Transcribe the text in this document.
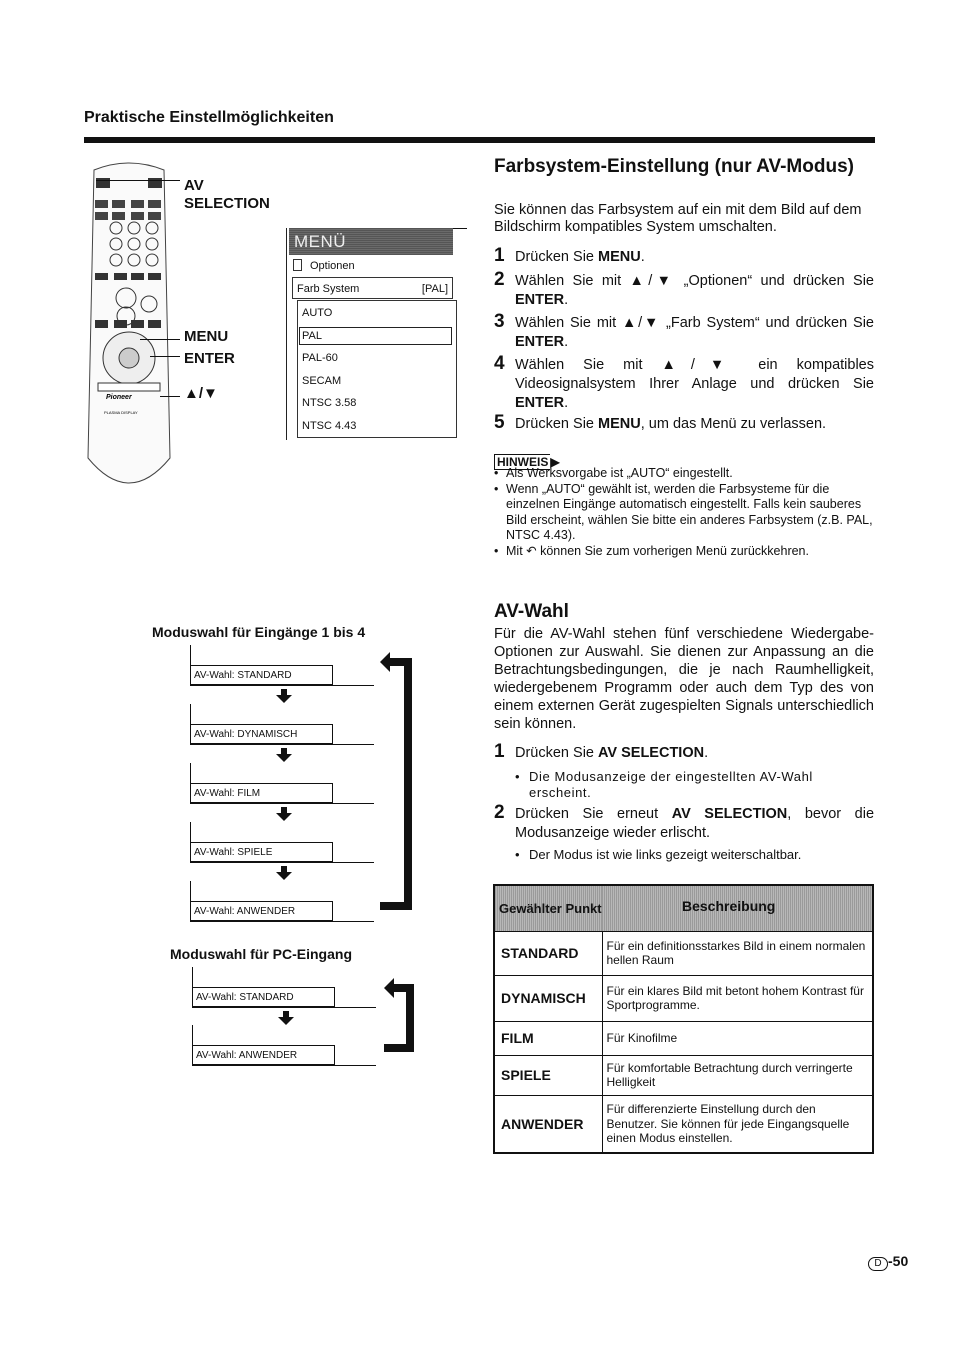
Praktische Einstellmöglichkeiten
Pioneer
PLASMA DISPLAY
AV
SELECTION
MENU
ENTER
▲/▼
MENÜ
Optionen
Farb System	[PAL]
AUTO
PAL
PAL-60
SECAM
NTSC 3.58
NTSC 4.43
Farbsystem-Einstellung (nur AV-Modus)
Sie können das Farbsystem auf ein mit dem Bild auf dem Bildschirm kompatibles System umschalten.
1 Drücken Sie MENU.
2 Wählen Sie mit ▲/▼ „Optionen“ und drücken Sie ENTER.
3 Wählen Sie mit ▲/▼ „Farb System“ und drücken Sie ENTER.
4 Wählen Sie mit ▲/▼ ein kompatibles Videosignalsystem Ihrer Anlage und drücken Sie ENTER.
5 Drücken Sie MENU, um das Menü zu verlassen.
HINWEIS ▶
• Als Werksvorgabe ist „AUTO“ eingestellt.
• Wenn „AUTO“ gewählt ist, werden die Farbsysteme für die einzelnen Eingänge automatisch eingestellt. Falls kein sauberes Bild erscheint, wählen Sie bitte ein anderes Farbsystem (z.B. PAL, NTSC 4.43).
• Mit ↶ können Sie zum vorherigen Menü zurückkehren.
Moduswahl für Eingänge 1 bis 4
AV-Wahl: STANDARD
AV-Wahl: DYNAMISCH
AV-Wahl: FILM
AV-Wahl: SPIELE
AV-Wahl: ANWENDER
Moduswahl für PC-Eingang
AV-Wahl: STANDARD
AV-Wahl: ANWENDER
AV-Wahl
Für die AV-Wahl stehen fünf verschiedene Wiedergabe-Optionen zur Auswahl. Sie dienen zur Anpassung an die Betrachtungsbedingungen, die je nach Raumhelligkeit, wiedergebenem Programm oder auch dem Typ des von einem externen Gerät zugespielten Signals unterschiedlich sein können.
1 Drücken Sie AV SELECTION.
• Die Modusanzeige der eingestellten AV-Wahl erscheint.
2 Drücken Sie erneut AV SELECTION, bevor die Modusanzeige wieder erlischt.
• Der Modus ist wie links gezeigt weiterschaltbar.
Gewählter Punkt	Beschreibung
STANDARD	Für ein definitionsstarkes Bild in einem normalen hellen Raum
DYNAMISCH	Für ein klares Bild mit betont hohem Kontrast für Sportprogramme.
FILM	Für Kinofilme
SPIELE	Für komfortable Betrachtung durch verringerte Helligkeit
ANWENDER	Für differenzierte Einstellung durch den Benutzer. Sie können für jede Eingangsquelle einen Modus einstellen.
D -50
